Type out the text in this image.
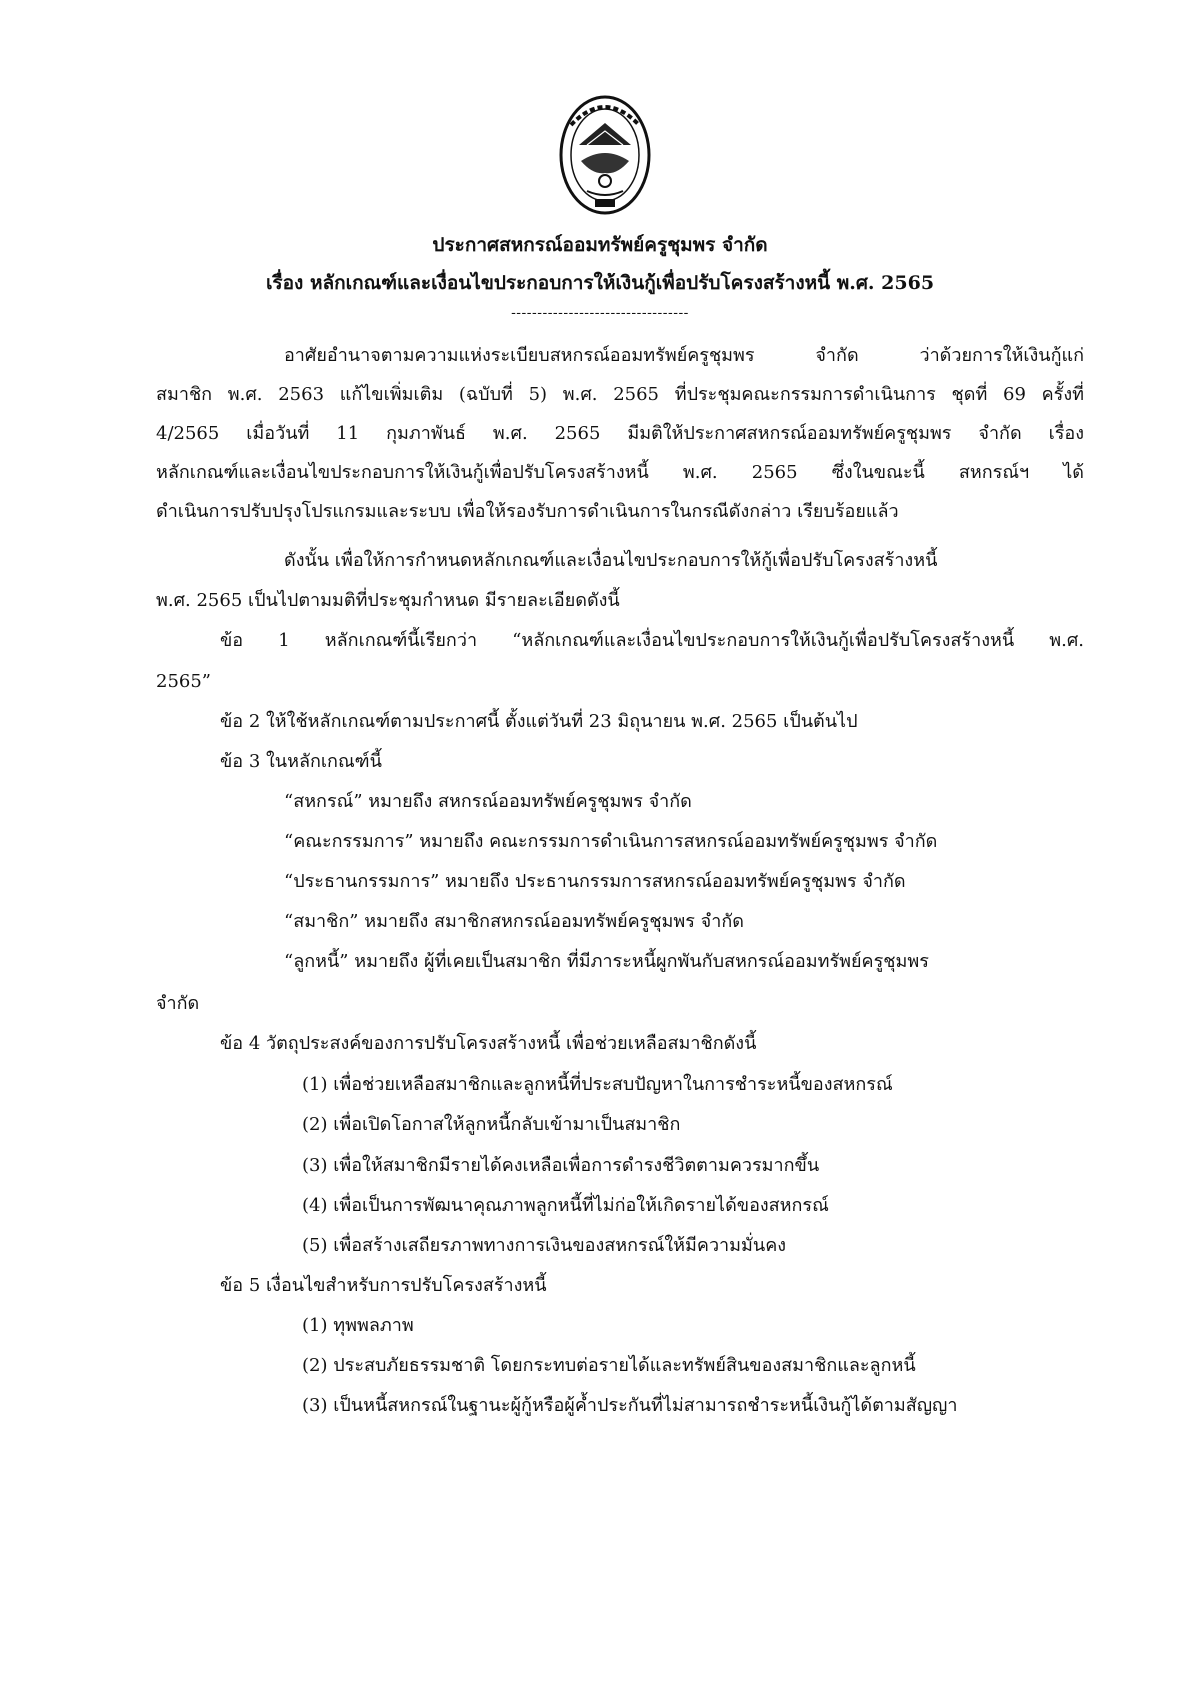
ประกาศสหกรณ์ออมทรัพย์ครูชุมพร จำกัด
เรื่อง หลักเกณฑ์และเงื่อนไขประกอบการให้เงินกู้เพื่อปรับโครงสร้างหนี้ พ.ศ. 2565
----------------------------------
อาศัยอำนาจตามความแห่งระเบียบสหกรณ์ออมทรัพย์ครูชุมพร จำกัด ว่าด้วยการให้เงินกู้แก่
สมาชิก พ.ศ. 2563 แก้ไขเพิ่มเติม (ฉบับที่ 5) พ.ศ. 2565 ที่ประชุมคณะกรรมการดำเนินการ ชุดที่ 69 ครั้งที่
4/2565 เมื่อวันที่ 11 กุมภาพันธ์ พ.ศ. 2565 มีมติให้ประกาศสหกรณ์ออมทรัพย์ครูชุมพร จำกัด เรื่อง
หลักเกณฑ์และเงื่อนไขประกอบการให้เงินกู้เพื่อปรับโครงสร้างหนี้ พ.ศ. 2565 ซึ่งในขณะนี้ สหกรณ์ฯ ได้
ดำเนินการปรับปรุงโปรแกรมและระบบ เพื่อให้รองรับการดำเนินการในกรณีดังกล่าว เรียบร้อยแล้ว
ดังนั้น เพื่อให้การกำหนดหลักเกณฑ์และเงื่อนไขประกอบการให้กู้เพื่อปรับโครงสร้างหนี้
พ.ศ. 2565 เป็นไปตามมติที่ประชุมกำหนด มีรายละเอียดดังนี้
ข้อ 1 หลักเกณฑ์นี้เรียกว่า “หลักเกณฑ์และเงื่อนไขประกอบการให้เงินกู้เพื่อปรับโครงสร้างหนี้ พ.ศ.
2565”
ข้อ 2 ให้ใช้หลักเกณฑ์ตามประกาศนี้ ตั้งแต่วันที่ 23 มิถุนายน พ.ศ. 2565 เป็นต้นไป
ข้อ 3 ในหลักเกณฑ์นี้
“สหกรณ์” หมายถึง สหกรณ์ออมทรัพย์ครูชุมพร จำกัด
“คณะกรรมการ” หมายถึง คณะกรรมการดำเนินการสหกรณ์ออมทรัพย์ครูชุมพร จำกัด
“ประธานกรรมการ” หมายถึง ประธานกรรมการสหกรณ์ออมทรัพย์ครูชุมพร จำกัด
“สมาชิก” หมายถึง สมาชิกสหกรณ์ออมทรัพย์ครูชุมพร จำกัด
“ลูกหนี้” หมายถึง ผู้ที่เคยเป็นสมาชิก ที่มีภาระหนี้ผูกพันกับสหกรณ์ออมทรัพย์ครูชุมพร
จำกัด
ข้อ 4 วัตถุประสงค์ของการปรับโครงสร้างหนี้ เพื่อช่วยเหลือสมาชิกดังนี้
(1) เพื่อช่วยเหลือสมาชิกและลูกหนี้ที่ประสบปัญหาในการชำระหนี้ของสหกรณ์
(2) เพื่อเปิดโอกาสให้ลูกหนี้กลับเข้ามาเป็นสมาชิก
(3) เพื่อให้สมาชิกมีรายได้คงเหลือเพื่อการดำรงชีวิตตามควรมากขึ้น
(4) เพื่อเป็นการพัฒนาคุณภาพลูกหนี้ที่ไม่ก่อให้เกิดรายได้ของสหกรณ์
(5) เพื่อสร้างเสถียรภาพทางการเงินของสหกรณ์ให้มีความมั่นคง
ข้อ 5 เงื่อนไขสำหรับการปรับโครงสร้างหนี้
(1) ทุพพลภาพ
(2) ประสบภัยธรรมชาติ โดยกระทบต่อรายได้และทรัพย์สินของสมาชิกและลูกหนี้
(3) เป็นหนี้สหกรณ์ในฐานะผู้กู้หรือผู้ค้ำประกันที่ไม่สามารถชำระหนี้เงินกู้ได้ตามสัญญา
